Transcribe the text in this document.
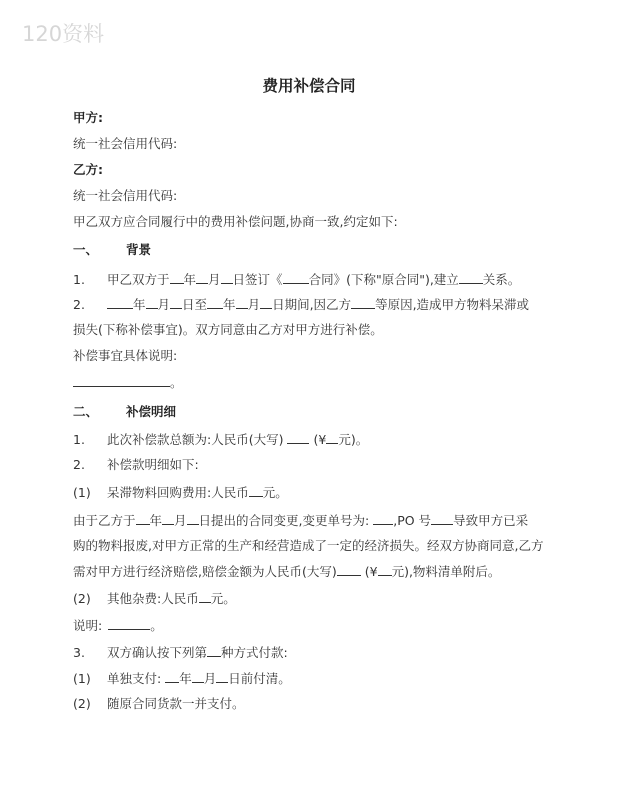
120资料
费用补偿合同
甲方:
统一社会信用代码:
乙方:
统一社会信用代码:
甲乙双方应合同履行中的费用补偿问题,协商一致,约定如下:
一、 背景
1. 甲乙双方于 年 月 日签订《 合同》(下称"原合同"),建立 关系。
2.	年 月 日至 年 月 日期间,因乙方 等原因,造成甲方物料呆滞或
损失(下称补偿事宜)。双方同意由乙方对甲方进行补偿。
补偿事宜具体说明:
。
二、 补偿明细
1. 此次补偿款总额为:人民币(大写) (¥ 元)。
2. 补偿款明细如下:
(1) 呆滞物料回购费用:人民币 元。
由于乙方于 年 月 日提出的合同变更,变更单号为: ,PO 号 导致甲方已采
购的物料报废,对甲方正常的生产和经营造成了一定的经济损失。经双方协商同意,乙方
需对甲方进行经济赔偿,赔偿金额为人民币(大写) (¥ 元),物料清单附后。
(2) 其他杂费:人民币 元。
说明:	。
3. 双方确认按下列第 种方式付款:
(1) 单独支付: 年 月 日前付清。
(2) 随原合同货款一并支付。
